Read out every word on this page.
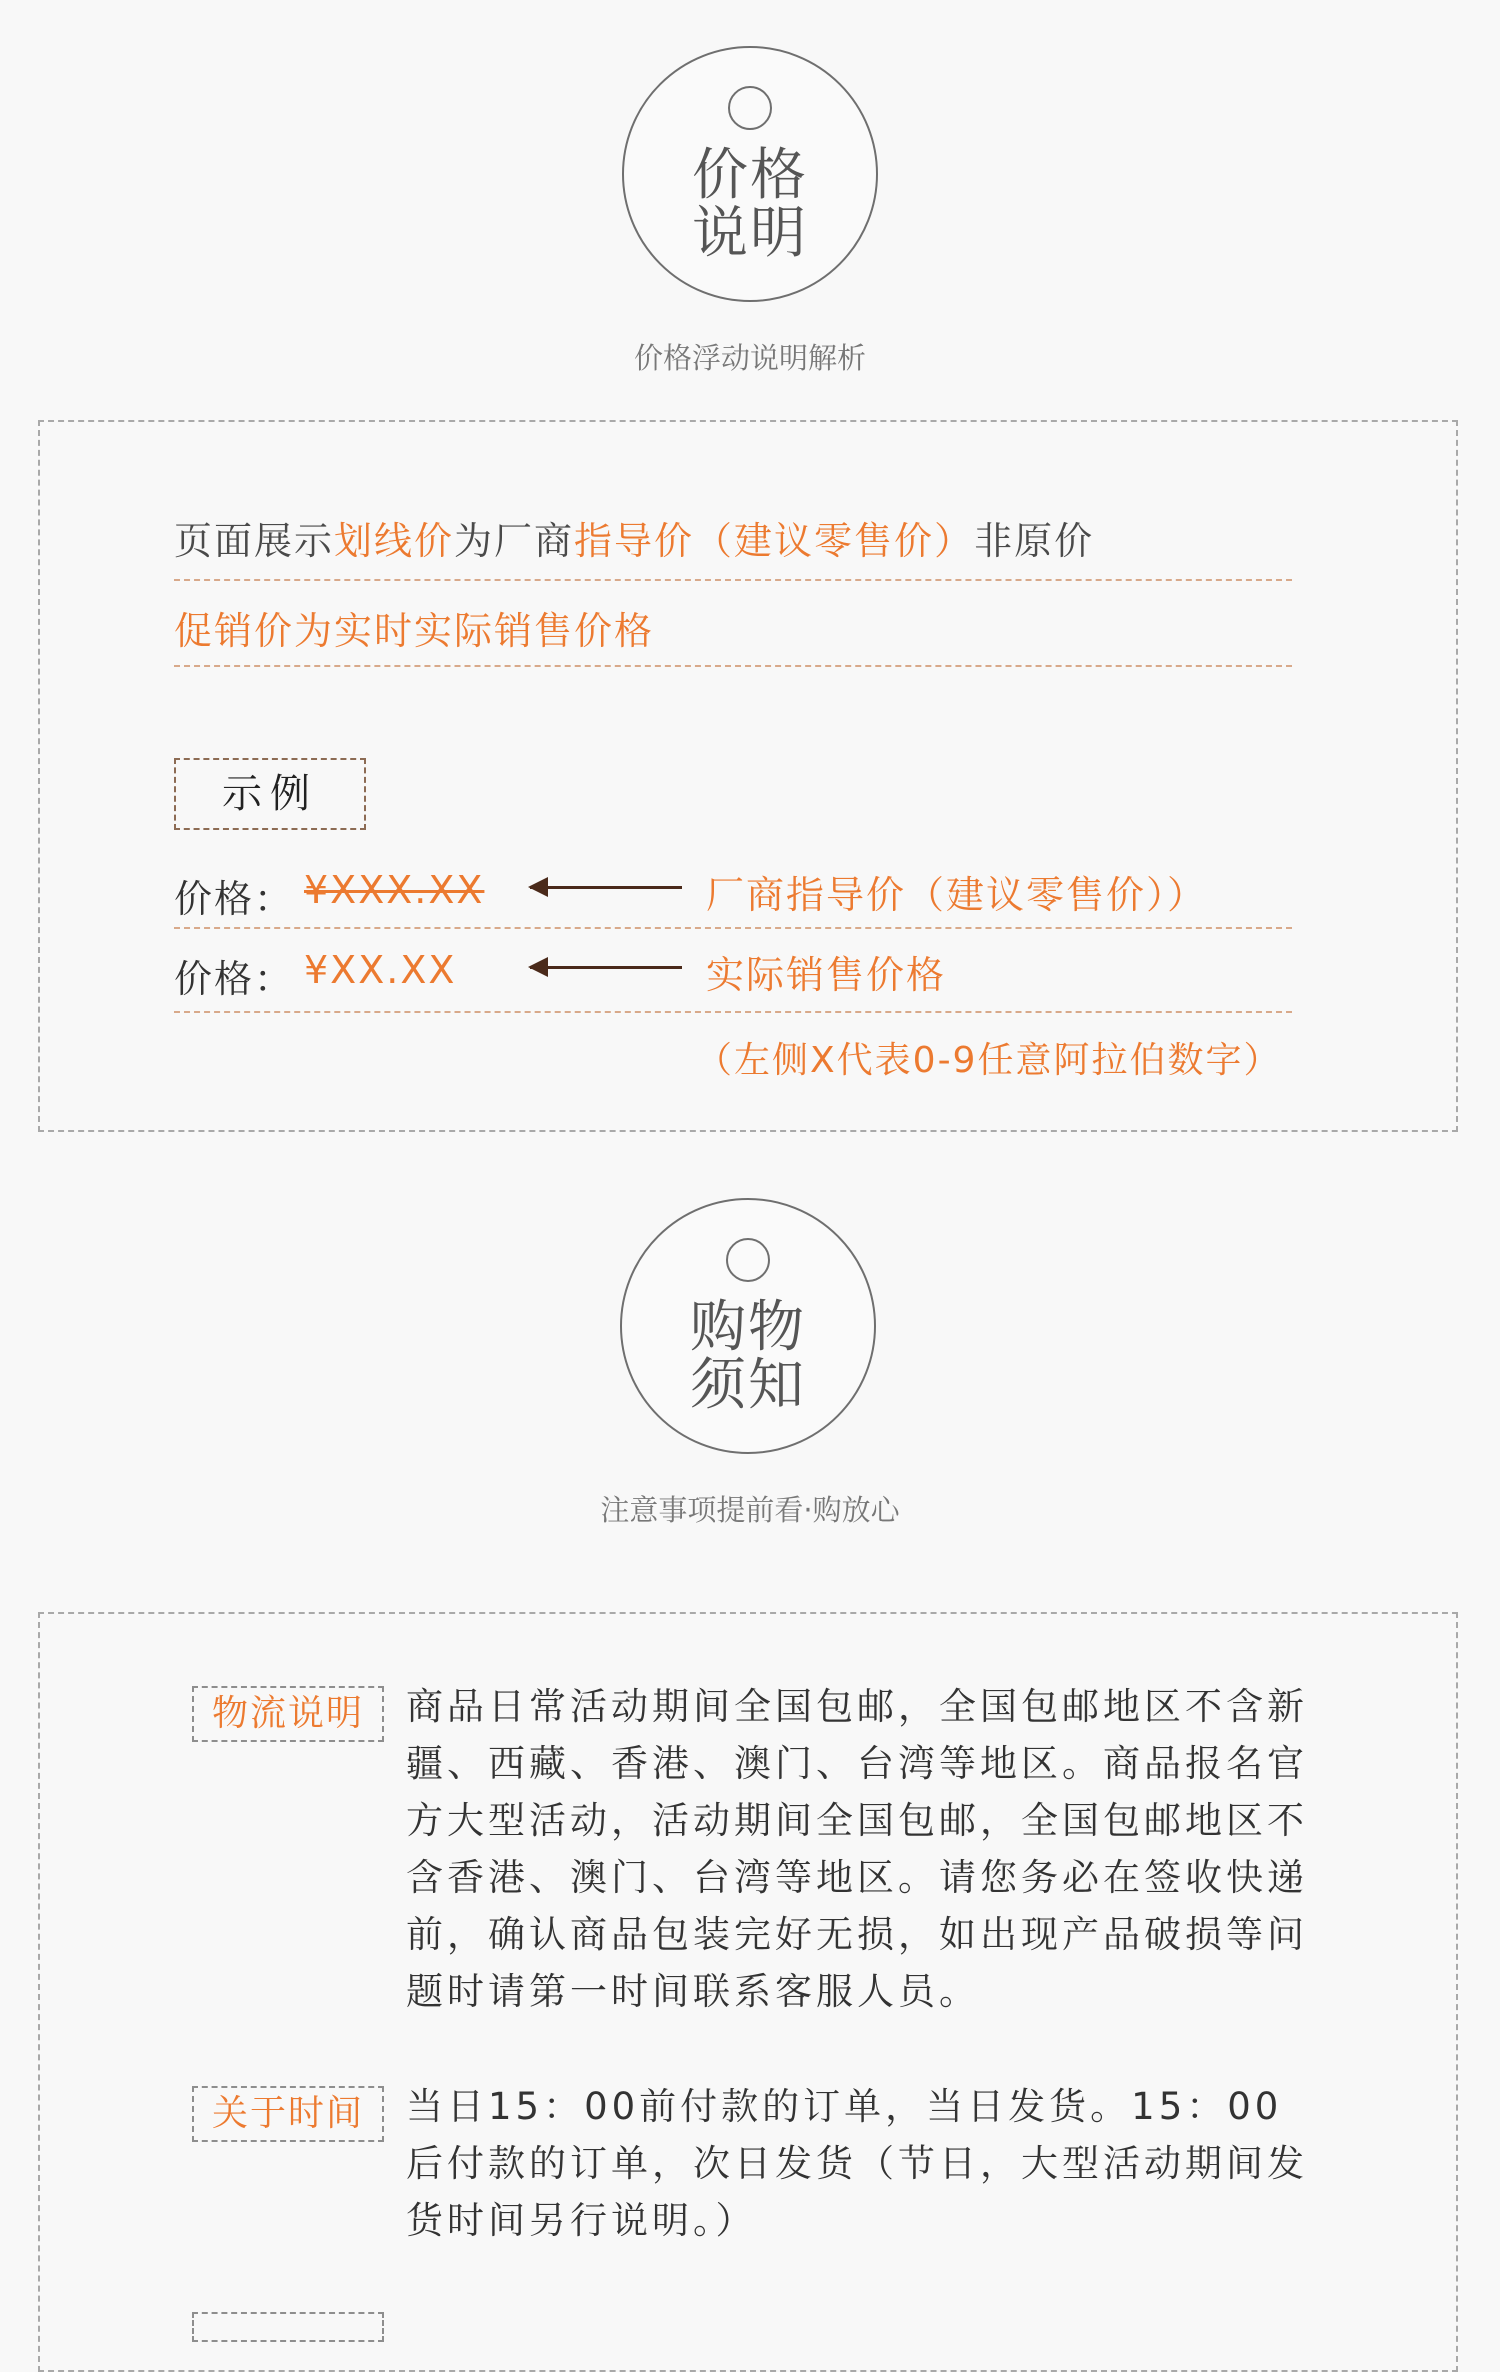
价格
说明
价格浮动说明解析
页面展示划线价为厂商指导价（建议零售价）非原价
促销价为实时实际销售价格
示例
价格： ¥XXX.XX	厂商指导价（建议零售价））
价格： ¥XX.XX	实际销售价格
（左侧X代表0-9任意阿拉伯数字）
购物
须知
注意事项提前看·购放心
物流说明	商品日常活动期间全国包邮，全国包邮地区不含新疆、西藏、香港、澳门、台湾等地区。商品报名官方大型活动，活动期间全国包邮，全国包邮地区不含香港、澳门、台湾等地区。请您务必在签收快递前，确认商品包装完好无损，如出现产品破损等问题时请第一时间联系客服人员。
关于时间	当日15：00前付款的订单，当日发货。15：00后付款的订单，次日发货（节日，大型活动期间发货时间另行说明。）
